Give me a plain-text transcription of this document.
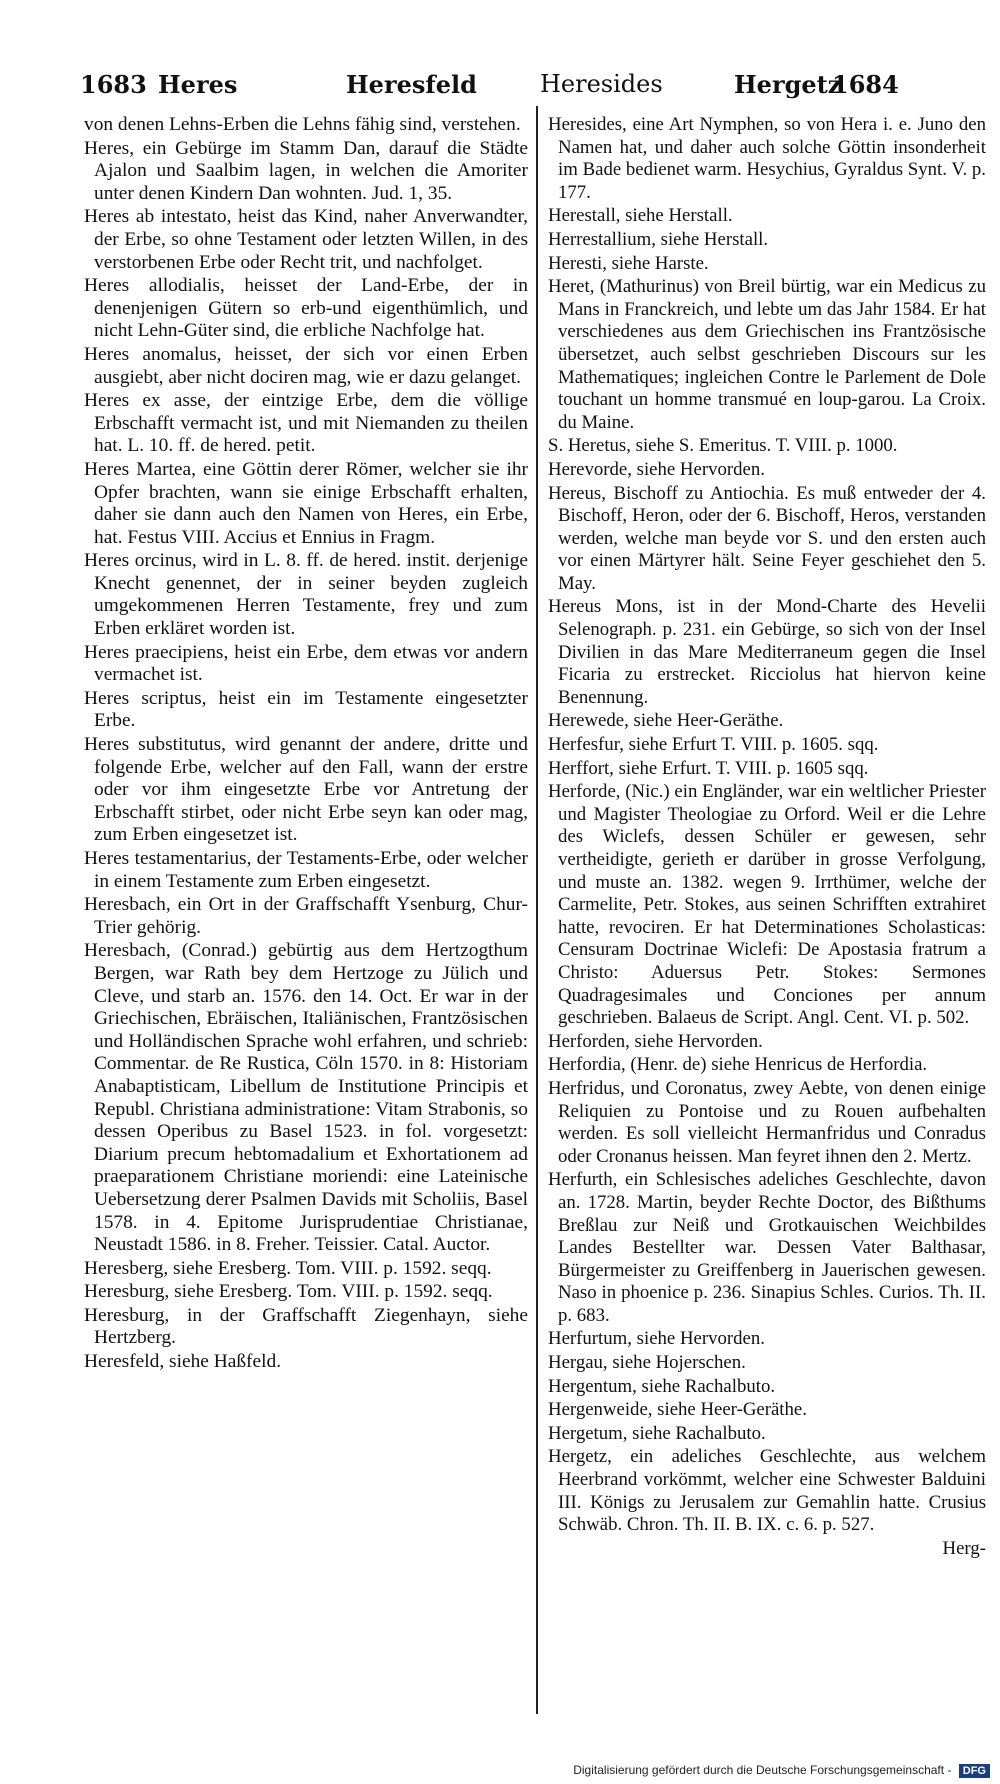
1683 Heres	Heresfeld	Heresides	Hergetz
1684

von denen Lehns-Erben die Lehns fähig sind, verstehen.

Heres, ein Gebürge im Stamm Dan, darauf die Städte Ajalon und Saalbim lagen, in welchen die Amoriter unter denen Kindern Dan wohnten. Jud. 1, 35.

Heres ab intestato, heist das Kind, naher Anverwandter, der Erbe, so ohne Testament oder letzten Willen, in des verstorbenen Erbe oder Recht trit, und nachfolget.

Heres allodialis, heisset der Land-Erbe, der in denenjenigen Gütern so erb-und eigenthümlich, und nicht Lehn-Güter sind, die erbliche Nachfolge hat.

Heres anomalus, heisset, der sich vor einen Erben ausgiebt, aber nicht dociren mag, wie er dazu gelanget.

Heres ex asse, der eintzige Erbe, dem die völlige Erbschafft vermacht ist, und mit Niemanden zu theilen hat. L. 10. ff. de hered. petit.

Heres Martea, eine Göttin derer Römer, welcher sie ihr Opfer brachten, wann sie einige Erbschafft erhalten, daher sie dann auch den Namen von Heres, ein Erbe, hat. Festus VIII. Accius et Ennius in Fragm.

Heres orcinus, wird in L. 8. ff. de hered. instit. derjenige Knecht genennet, der in seiner beyden zugleich umgekommenen Herren Testamente, frey und zum Erben erkläret worden ist.

Heres praecipiens, heist ein Erbe, dem etwas vor andern vermachet ist.

Heres scriptus, heist ein im Testamente eingesetzter Erbe.

Heres substitutus, wird genannt der andere, dritte und folgende Erbe, welcher auf den Fall, wann der erstre oder vor ihm eingesetzte Erbe vor Antretung der Erbschafft stirbet, oder nicht Erbe seyn kan oder mag, zum Erben eingesetzet ist.

Heres testamentarius, der Testaments-Erbe, oder welcher in einem Testamente zum Erben eingesetzt.

Heresbach, ein Ort in der Graffschafft Ysenburg, Chur-Trier gehörig.

Heresbach, (Conrad.) gebürtig aus dem Hertzogthum Bergen, war Rath bey dem Hertzoge zu Jülich und Cleve, und starb an. 1576. den 14. Oct. Er war in der Griechischen, Ebräischen, Italiänischen, Frantzösischen und Holländischen Sprache wohl erfahren, und schrieb: Commentar. de Re Rustica, Cöln 1570. in 8: Historiam Anabaptisticam, Libellum de Institutione Principis et Republ. Christiana administratione: Vitam Strabonis, so dessen Operibus zu Basel 1523. in fol. vorgesetzt: Diarium precum hebtomadalium et Exhortationem ad praeparationem Christiane moriendi: eine Lateinische Uebersetzung derer Psalmen Davids mit Scholiis, Basel 1578. in 4. Epitome Jurisprudentiae Christianae, Neustadt 1586. in 8. Freher. Teissier. Catal. Auctor.

Heresberg, siehe Eresberg. Tom. VIII. p. 1592. seqq.

Heresburg, siehe Eresberg. Tom. VIII. p. 1592. seqq.

Heresburg, in der Graffschafft Ziegenhayn, siehe Hertzberg.

Heresfeld, siehe Haßfeld.

Heresides, eine Art Nymphen, so von Hera i. e. Juno den Namen hat, und daher auch solche Göttin insonderheit im Bade bedienet warm. Hesychius, Gyraldus Synt. V. p. 177.

Herestall, siehe Herstall.

Herrestallium, siehe Herstall.

Heresti, siehe Harste.

Heret, (Mathurinus) von Breil bürtig, war ein Medicus zu Mans in Franckreich, und lebte um das Jahr 1584. Er hat verschiedenes aus dem Griechischen ins Frantzösische übersetzet, auch selbst geschrieben Discours sur les Mathematiques; ingleichen Contre le Parlement de Dole touchant un homme transmué en loup-garou. La Croix. du Maine.

S. Heretus, siehe S. Emeritus. T. VIII. p. 1000.

Herevorde, siehe Hervorden.

Hereus, Bischoff zu Antiochia. Es muß entweder der 4. Bischoff, Heron, oder der 6. Bischoff, Heros, verstanden werden, welche man beyde vor S. und den ersten auch vor einen Märtyrer hält. Seine Feyer geschiehet den 5. May.

Hereus Mons, ist in der Mond-Charte des Hevelii Selenograph. p. 231. ein Gebürge, so sich von der Insel Divilien in das Mare Mediterraneum gegen die Insel Ficaria zu erstrecket. Ricciolus hat hiervon keine Benennung.

Herewede, siehe Heer-Geräthe.

Herfesfur, siehe Erfurt T. VIII. p. 1605. sqq.

Herffort, siehe Erfurt. T. VIII. p. 1605 sqq.

Herforde, (Nic.) ein Engländer, war ein weltlicher Priester und Magister Theologiae zu Orford. Weil er die Lehre des Wiclefs, dessen Schüler er gewesen, sehr vertheidigte, gerieth er darüber in grosse Verfolgung, und muste an. 1382. wegen 9. Irrthümer, welche der Carmelite, Petr. Stokes, aus seinen Schrifften extrahiret hatte, revociren. Er hat Determinationes Scholasticas: Censuram Doctrinae Wiclefi: De Apostasia fratrum a Christo: Aduersus Petr. Stokes: Sermones Quadragesimales und Conciones per annum geschrieben. Balaeus de Script. Angl. Cent. VI. p. 502.

Herforden, siehe Hervorden.

Herfordia, (Henr. de) siehe Henricus de Herfordia.

Herfridus, und Coronatus, zwey Aebte, von denen einige Reliquien zu Pontoise und zu Rouen aufbehalten werden. Es soll vielleicht Hermanfridus und Conradus oder Cronanus heissen. Man feyret ihnen den 2. Mertz.

Herfurth, ein Schlesisches adeliches Geschlechte, davon an. 1728. Martin, beyder Rechte Doctor, des Bißthums Breßlau zur Neiß und Grotkauischen Weichbildes Landes Bestellter war. Dessen Vater Balthasar, Bürgermeister zu Greiffenberg in Jauerischen gewesen. Naso in phoenice p. 236. Sinapius Schles. Curios. Th. II. p. 683.

Herfurtum, siehe Hervorden.

Hergau, siehe Hojerschen.

Hergentum, siehe Rachalbuto.

Hergenweide, siehe Heer-Geräthe.

Hergetum, siehe Rachalbuto.

Hergetz, ein adeliches Geschlechte, aus welchem Heerbrand vorkömmt, welcher eine Schwester Balduini III. Königs zu Jerusalem zur Gemahlin hatte. Crusius Schwäb. Chron. Th. II. B. IX. c. 6. p. 527.

Herg-

Digitalisierung gefördert durch die Deutsche Forschungsgemeinschaft - DFG
